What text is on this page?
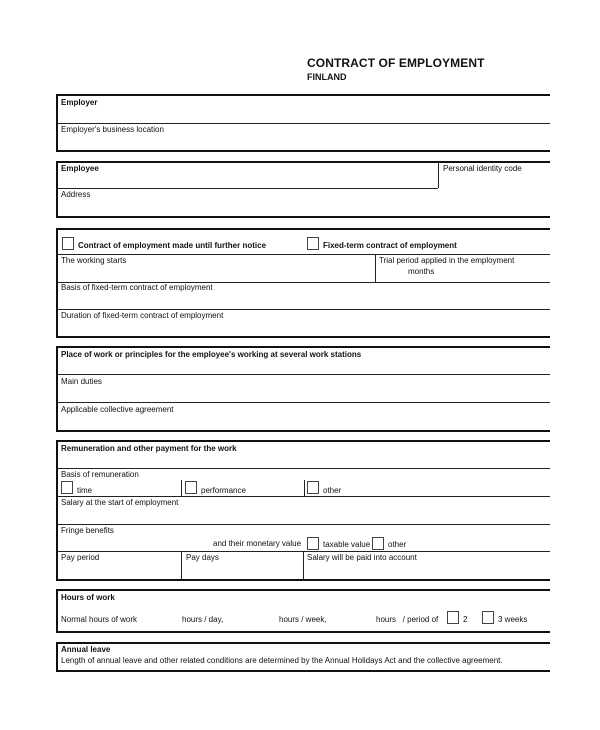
CONTRACT OF EMPLOYMENT
FINLAND
Employer
Employer's business location
Employee	Personal identity code
Address
Contract of employment made until further notice	Fixed-term contract of employment
The working starts	Trial period applied in the employment
months
Basis of fixed-term contract of employment
Duration of fixed-term contract of employment
Place of work or principles for the employee's working at several work stations
Main duties
Applicable collective agreement
Remuneration and other payment for the work
Basis of remuneration
time	performance	other
Salary at the start of employment
Fringe benefits
and their monetary value	taxable value other
Pay period	Pay days	Salary will be paid into account
Hours of work
Normal hours of work	hours / day,	hours / week,	hours   / period of	2	3 weeks
Annual leave
Length of annual leave and other related conditions are determined by the Annual Holidays Act and the collective agreement.
